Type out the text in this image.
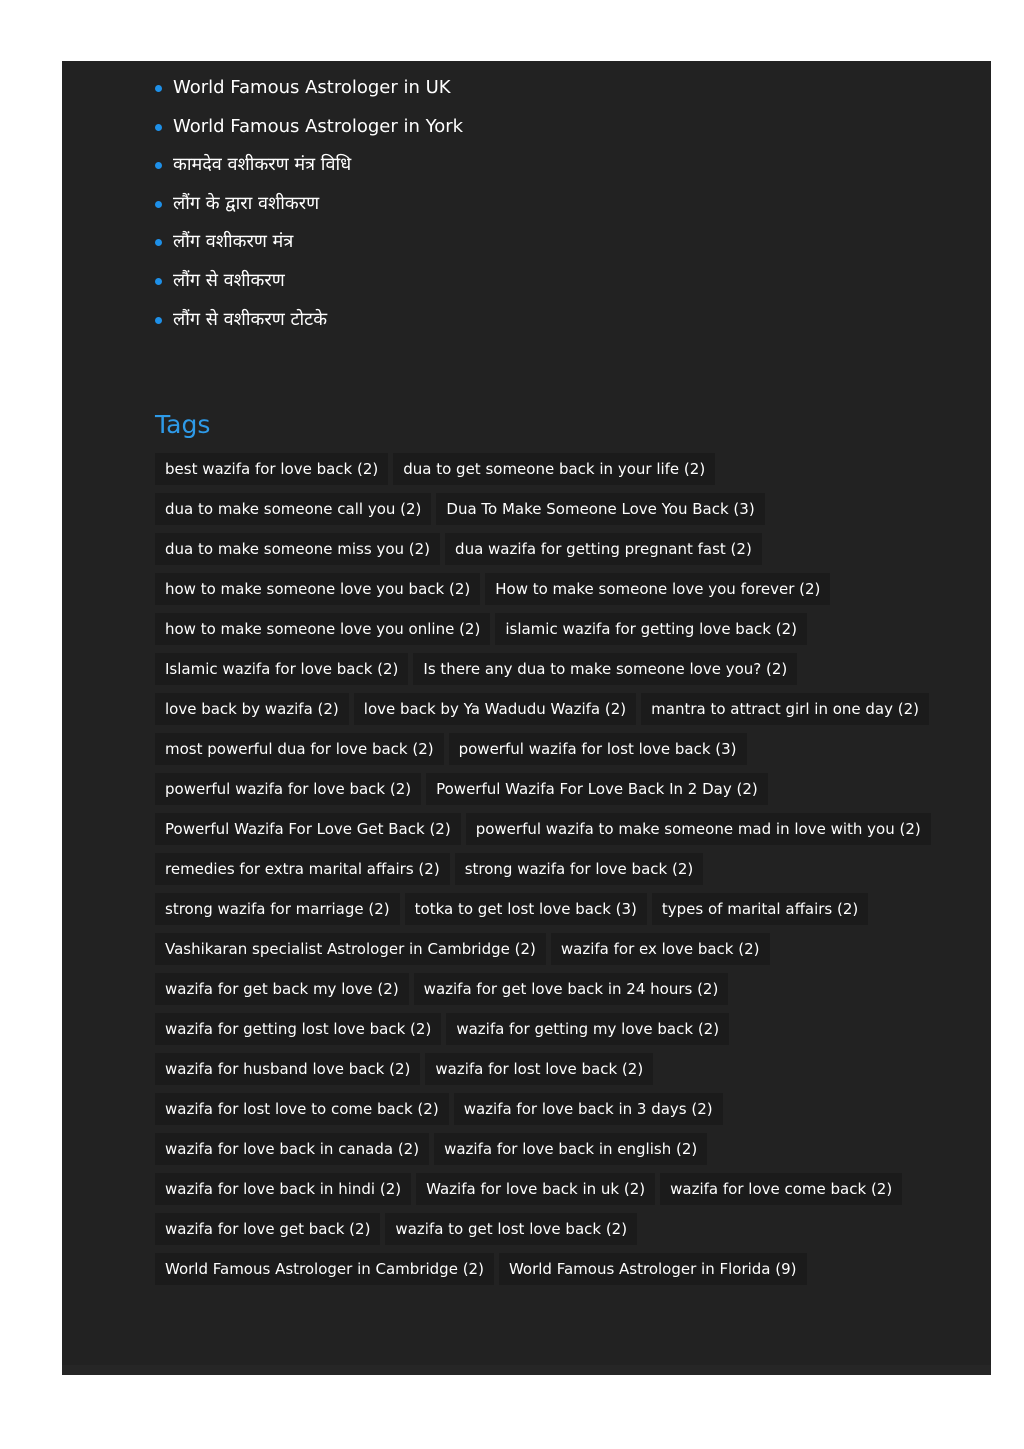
World Famous Astrologer in UK
World Famous Astrologer in York
कामदेव वशीकरण मंत्र विधि
लौंग के द्वारा वशीकरण
लौंग वशीकरण मंत्र
लौंग से वशीकरण
लौंग से वशीकरण टोटके
Tags
best wazifa for love back (2)	dua to get someone back in your life (2)
dua to make someone call you (2)	Dua To Make Someone Love You Back (3)
dua to make someone miss you (2)	dua wazifa for getting pregnant fast (2)
how to make someone love you back (2)	How to make someone love you forever (2)
how to make someone love you online (2)	islamic wazifa for getting love back (2)
Islamic wazifa for love back (2)	Is there any dua to make someone love you? (2)
love back by wazifa (2)	love back by Ya Wadudu Wazifa (2)	mantra to attract girl in one day (2)
most powerful dua for love back (2)	powerful wazifa for lost love back (3)
powerful wazifa for love back (2)	Powerful Wazifa For Love Back In 2 Day (2)
Powerful Wazifa For Love Get Back (2)	powerful wazifa to make someone mad in love with you (2)
remedies for extra marital affairs (2)	strong wazifa for love back (2)
strong wazifa for marriage (2)	totka to get lost love back (3)	types of marital affairs (2)
Vashikaran specialist Astrologer in Cambridge (2)	wazifa for ex love back (2)
wazifa for get back my love (2)	wazifa for get love back in 24 hours (2)
wazifa for getting lost love back (2)	wazifa for getting my love back (2)
wazifa for husband love back (2)	wazifa for lost love back (2)
wazifa for lost love to come back (2)	wazifa for love back in 3 days (2)
wazifa for love back in canada (2)	wazifa for love back in english (2)
wazifa for love back in hindi (2)	Wazifa for love back in uk (2)	wazifa for love come back (2)
wazifa for love get back (2)	wazifa to get lost love back (2)
World Famous Astrologer in Cambridge (2)	World Famous Astrologer in Florida (9)
